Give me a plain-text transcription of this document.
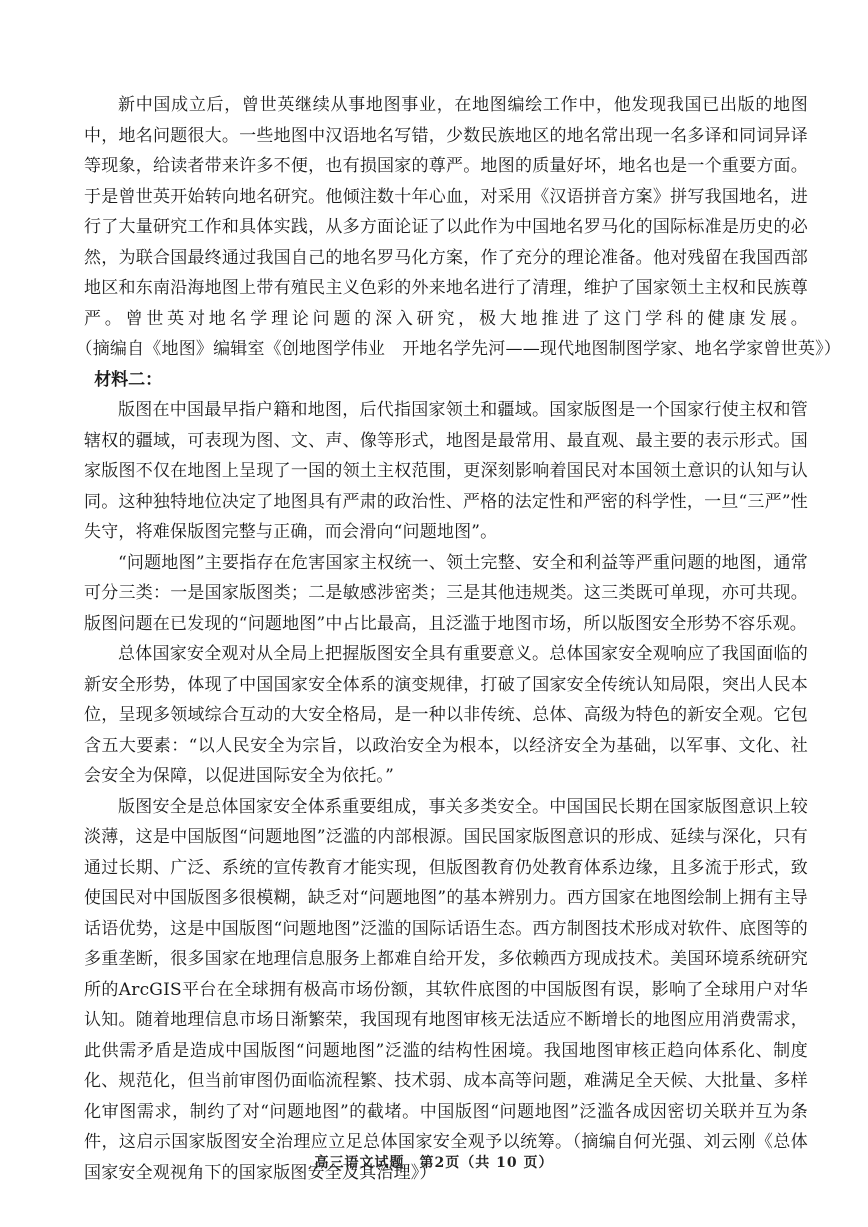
新中国成立后，曾世英继续从事地图事业，在地图编绘工作中，他发现我国已出版的地图中，地名问题很大。一些地图中汉语地名写错，少数民族地区的地名常出现一名多译和同词异译等现象，给读者带来许多不便，也有损国家的尊严。地图的质量好坏，地名也是一个重要方面。于是曾世英开始转向地名研究。他倾注数十年心血，对采用《汉语拼音方案》拼写我国地名，进行了大量研究工作和具体实践，从多方面论证了以此作为中国地名罗马化的国际标准是历史的必然，为联合国最终通过我国自己的地名罗马化方案，作了充分的理论准备。他对残留在我国西部地区和东南沿海地图上带有殖民主义色彩的外来地名进行了清理，维护了国家领土主权和民族尊严。曾世英对地名学理论问题的深入研究，极大地推进了这门学科的健康发展。（摘编自《地图》编辑室《创地图学伟业　开地名学先河——现代地图制图学家、地名学家曾世英》）

材料二：

版图在中国最早指户籍和地图，后代指国家领土和疆域。国家版图是一个国家行使主权和管辖权的疆域，可表现为图、文、声、像等形式，地图是最常用、最直观、最主要的表示形式。国家版图不仅在地图上呈现了一国的领土主权范围，更深刻影响着国民对本国领土意识的认知与认同。这种独特地位决定了地图具有严肃的政治性、严格的法定性和严密的科学性，一旦“三严”性失守，将难保版图完整与正确，而会滑向“问题地图”。

“问题地图”主要指存在危害国家主权统一、领土完整、安全和利益等严重问题的地图，通常可分三类：一是国家版图类；二是敏感涉密类；三是其他违规类。这三类既可单现，亦可共现。版图问题在已发现的“问题地图”中占比最高，且泛滥于地图市场，所以版图安全形势不容乐观。

总体国家安全观对从全局上把握版图安全具有重要意义。总体国家安全观响应了我国面临的新安全形势，体现了中国国家安全体系的演变规律，打破了国家安全传统认知局限，突出人民本位，呈现多领域综合互动的大安全格局，是一种以非传统、总体、高级为特色的新安全观。它包含五大要素：“以人民安全为宗旨，以政治安全为根本，以经济安全为基础，以军事、文化、社会安全为保障，以促进国际安全为依托。”

版图安全是总体国家安全体系重要组成，事关多类安全。中国国民长期在国家版图意识上较淡薄，这是中国版图“问题地图”泛滥的内部根源。国民国家版图意识的形成、延续与深化，只有通过长期、广泛、系统的宣传教育才能实现，但版图教育仍处教育体系边缘，且多流于形式，致使国民对中国版图多很模糊，缺乏对“问题地图”的基本辨别力。西方国家在地图绘制上拥有主导话语优势，这是中国版图“问题地图”泛滥的国际话语生态。西方制图技术形成对软件、底图等的多重垄断，很多国家在地理信息服务上都难自给开发，多依赖西方现成技术。美国环境系统研究所的ArcGIS平台在全球拥有极高市场份额，其软件底图的中国版图有误，影响了全球用户对华认知。随着地理信息市场日渐繁荣，我国现有地图审核无法适应不断增长的地图应用消费需求，此供需矛盾是造成中国版图“问题地图”泛滥的结构性困境。我国地图审核正趋向体系化、制度化、规范化，但当前审图仍面临流程繁、技术弱、成本高等问题，难满足全天候、大批量、多样化审图需求，制约了对“问题地图”的截堵。中国版图“问题地图”泛滥各成因密切关联并互为条件，这启示国家版图安全治理应立足总体国家安全观予以统筹。（摘编自何光强、刘云刚《总体国家安全观视角下的国家版图安全及其治理》）

高三语文试题　第2页（共 10 页）
